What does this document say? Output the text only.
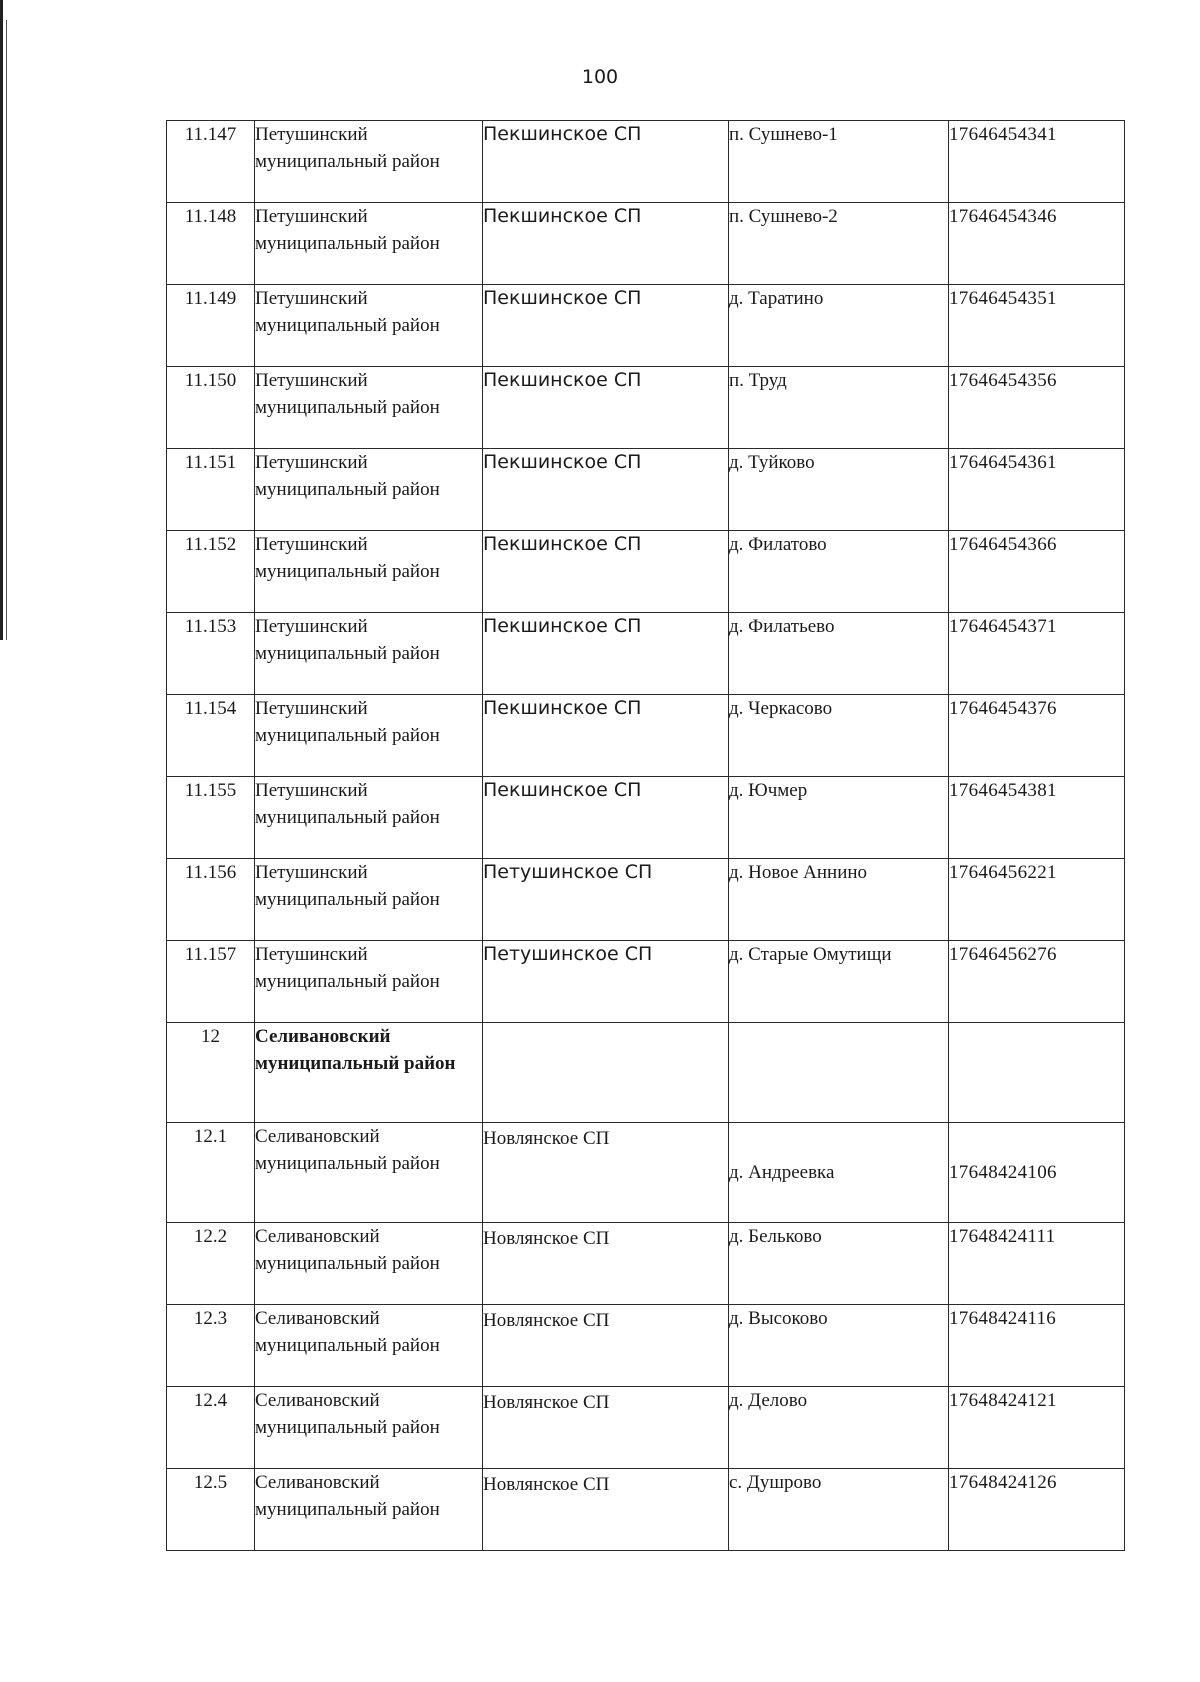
100
11.147	Петушинский муниципальный район	Пекшинское СП	п. Сушнево-1	17646454341
11.148	Петушинский муниципальный район	Пекшинское СП	п. Сушнево-2	17646454346
11.149	Петушинский муниципальный район	Пекшинское СП	д. Таратино	17646454351
11.150	Петушинский муниципальный район	Пекшинское СП	п. Труд	17646454356
11.151	Петушинский муниципальный район	Пекшинское СП	д. Туйково	17646454361
11.152	Петушинский муниципальный район	Пекшинское СП	д. Филатово	17646454366
11.153	Петушинский муниципальный район	Пекшинское СП	д. Филатьево	17646454371
11.154	Петушинский муниципальный район	Пекшинское СП	д. Черкасово	17646454376
11.155	Петушинский муниципальный район	Пекшинское СП	д. Ючмер	17646454381
11.156	Петушинский муниципальный район	Петушинское СП	д. Новое Аннино	17646456221
11.157	Петушинский муниципальный район	Петушинское СП	д. Старые Омутищи	17646456276
12	Селивановский муниципальный район			
12.1	Селивановский муниципальный район	Новлянское СП	д. Андреевка	17648424106
12.2	Селивановский муниципальный район	Новлянское СП	д. Бельково	17648424111
12.3	Селивановский муниципальный район	Новлянское СП	д. Высоково	17648424116
12.4	Селивановский муниципальный район	Новлянское СП	д. Делово	17648424121
12.5	Селивановский муниципальный район	Новлянское СП	с. Душрово	17648424126
